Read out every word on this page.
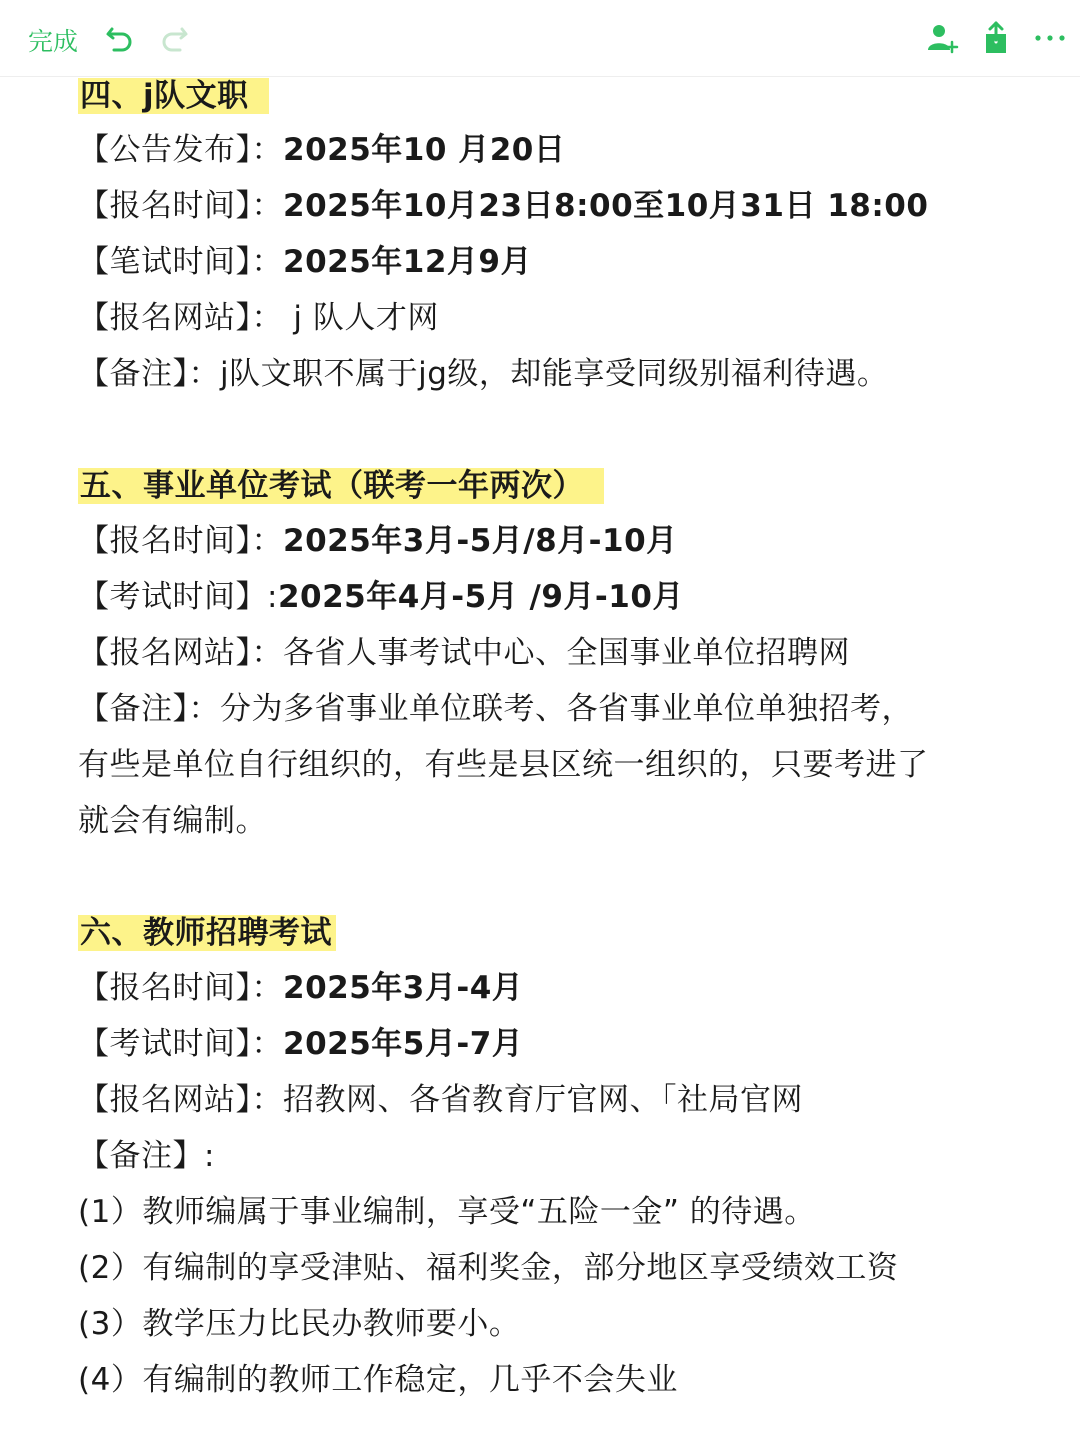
完成
四、j队文职
【公告发布】：2025年10 月20日
【报名时间】：2025年10月23日8:00至10月31日 18:00
【笔试时间】：2025年12月9月
【报名网站】： j 队人才网
【备注】：j队文职不属于jg级，却能享受同级别福利待遇。
五、事业单位考试（联考一年两次）
【报名时间】：2025年3月-5月/8月-10月
【考试时间】:2025年4月-5月 /9月-10月
【报名网站】：各省人事考试中心、全国事业单位招聘网
【备注】：分为多省事业单位联考、各省事业单位单独招考，
有些是单位自行组织的，有些是县区统一组织的，只要考进了
就会有编制。
六、教师招聘考试
【报名时间】：2025年3月-4月
【考试时间】：2025年5月-7月
【报名网站】：招教网、各省教育厅官网、「社局官网
【备注】:
(1）教师编属于事业编制，享受“五险一金” 的待遇。
(2）有编制的享受津贴、福利奖金，部分地区享受绩效工资
(3）教学压力比民办教师要小。
(4）有编制的教师工作稳定，几乎不会失业
